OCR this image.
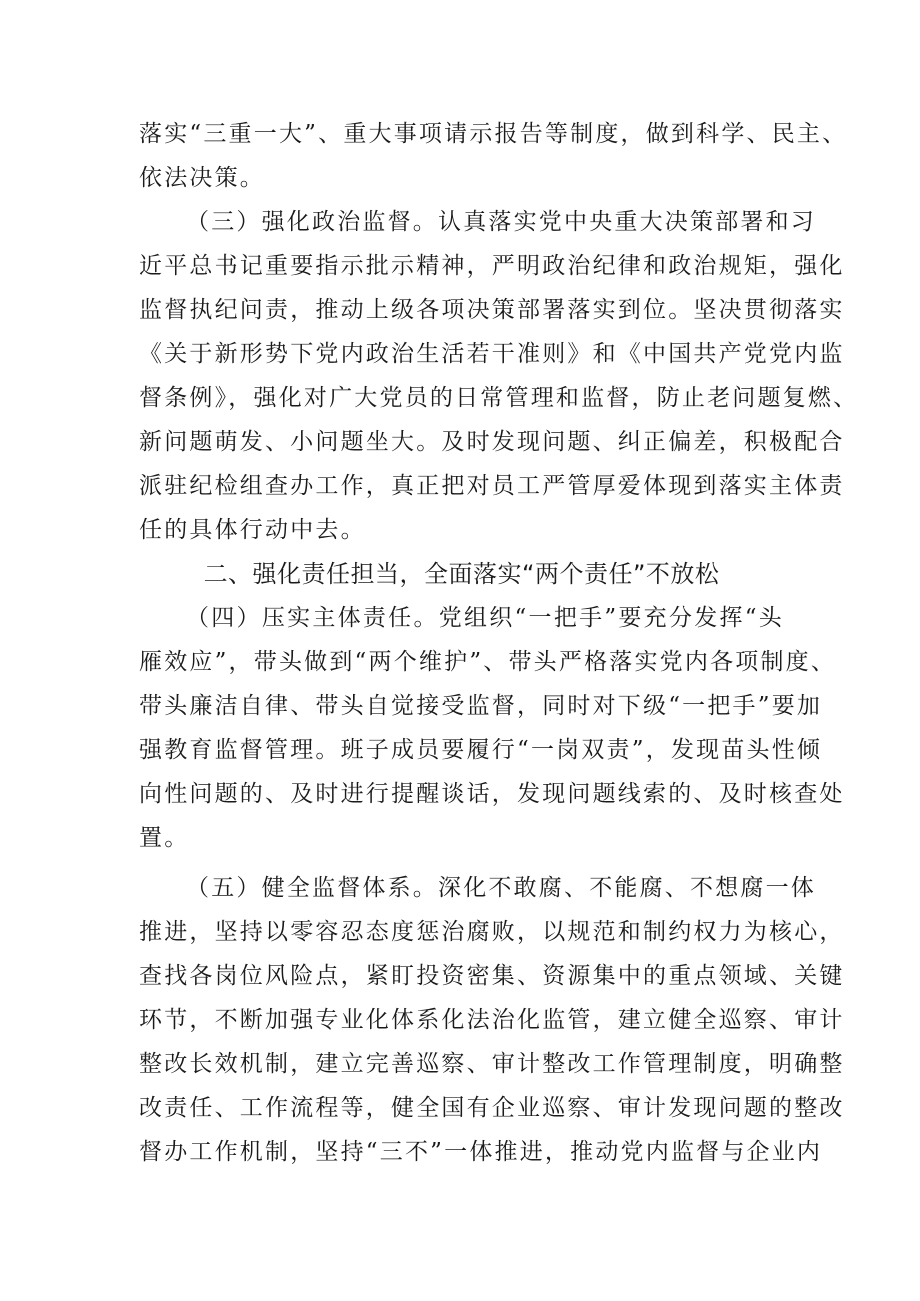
落实“三重一大”、重大事项请示报告等制度，做到科学、民主、
依法决策。
（三）强化政治监督。认真落实党中央重大决策部署和习
近平总书记重要指示批示精神，严明政治纪律和政治规矩，强化
监督执纪问责，推动上级各项决策部署落实到位。坚决贯彻落实
《关于新形势下党内政治生活若干准则》和《中国共产党党内监
督条例》，强化对广大党员的日常管理和监督，防止老问题复燃、
新问题萌发、小问题坐大。及时发现问题、纠正偏差，积极配合
派驻纪检组查办工作，真正把对员工严管厚爱体现到落实主体责
任的具体行动中去。
二、强化责任担当，全面落实“两个责任”不放松
（四）压实主体责任。党组织“一把手”要充分发挥“头
雁效应”，带头做到“两个维护”、带头严格落实党内各项制度、
带头廉洁自律、带头自觉接受监督，同时对下级“一把手”要加
强教育监督管理。班子成员要履行“一岗双责”，发现苗头性倾
向性问题的、及时进行提醒谈话，发现问题线索的、及时核查处
置。
（五）健全监督体系。深化不敢腐、不能腐、不想腐一体
推进，坚持以零容忍态度惩治腐败，以规范和制约权力为核心，
查找各岗位风险点，紧盯投资密集、资源集中的重点领域、关键
环节，不断加强专业化体系化法治化监管，建立健全巡察、审计
整改长效机制，建立完善巡察、审计整改工作管理制度，明确整
改责任、工作流程等，健全国有企业巡察、审计发现问题的整改
督办工作机制，坚持“三不”一体推进，推动党内监督与企业内
